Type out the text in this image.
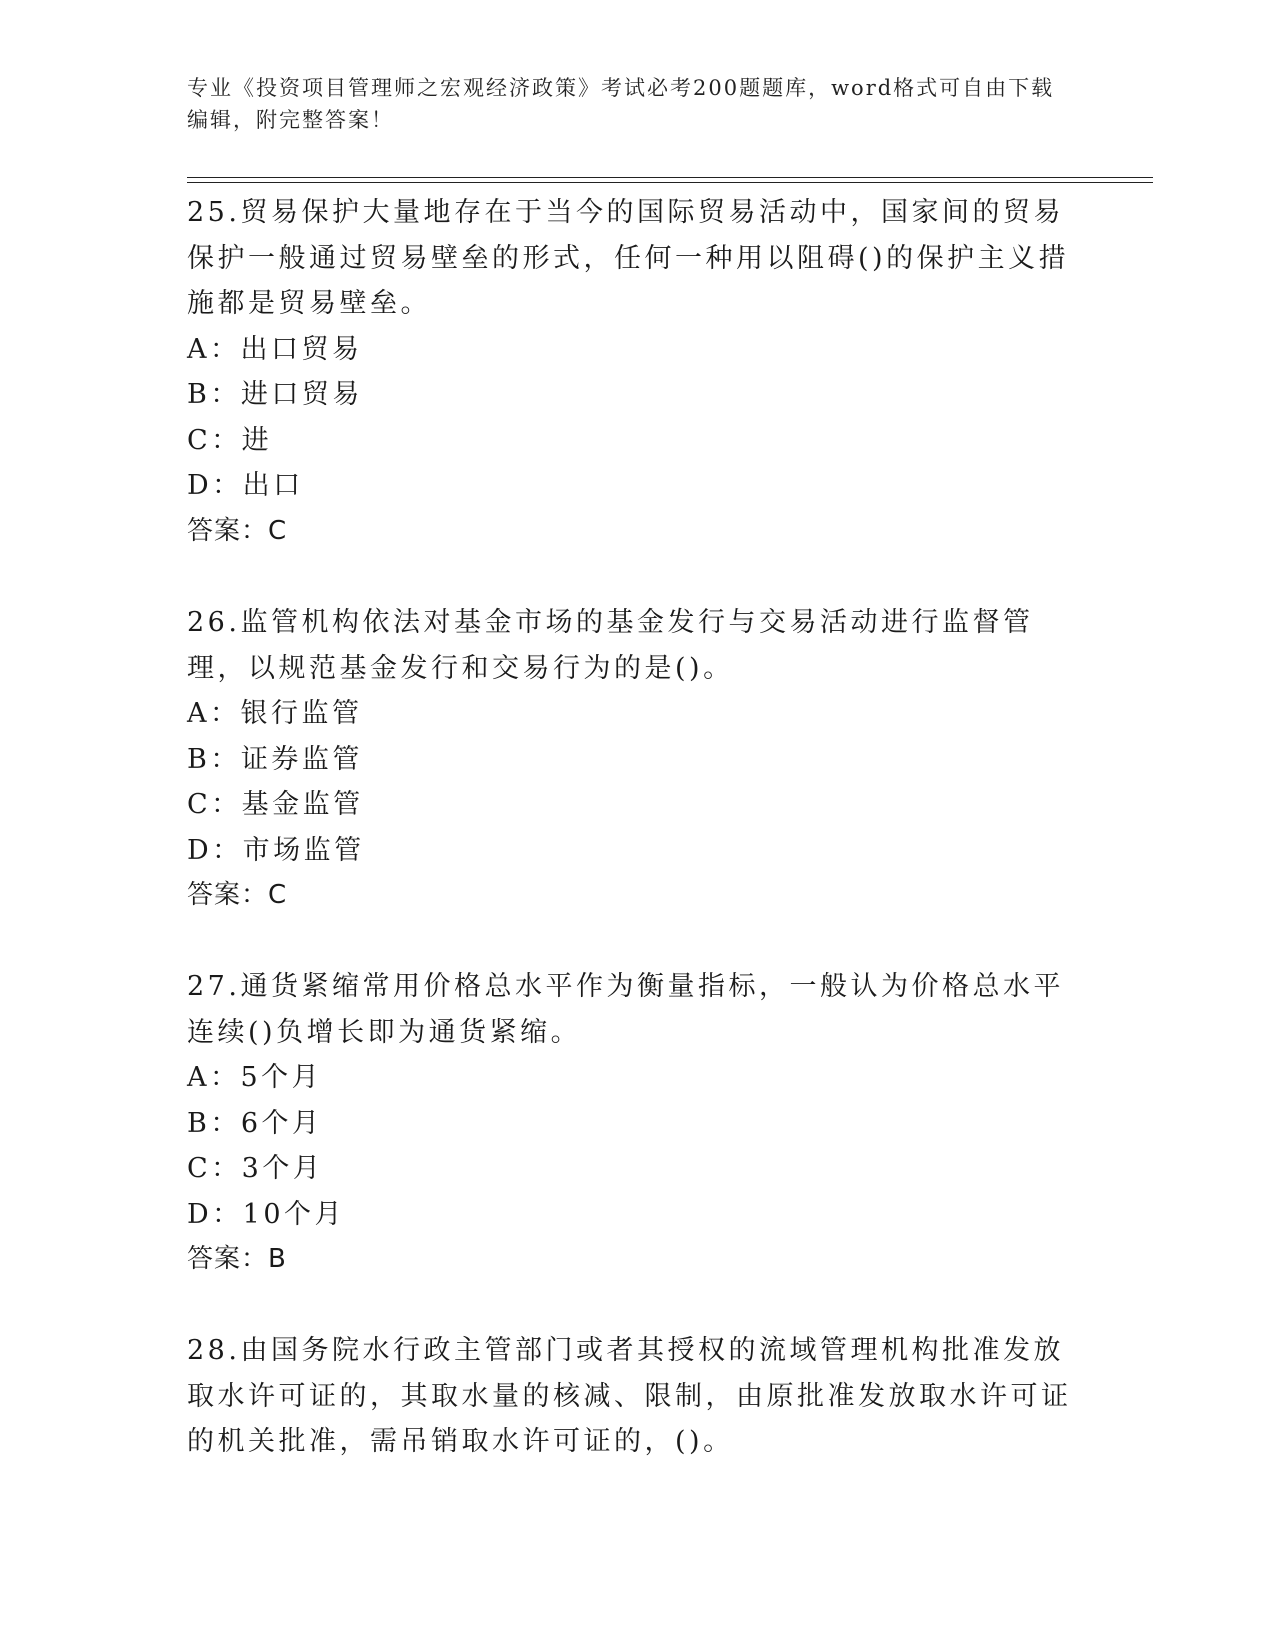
专业《投资项目管理师之宏观经济政策》考试必考200题题库，word格式可自由下载编辑，附完整答案！

25.贸易保护大量地存在于当今的国际贸易活动中，国家间的贸易保护一般通过贸易壁垒的形式，任何一种用以阻碍()的保护主义措施都是贸易壁垒。

A：出口贸易

B：进口贸易

C：进

D：出口

答案：C

26.监管机构依法对基金市场的基金发行与交易活动进行监督管理，以规范基金发行和交易行为的是()。

A：银行监管

B：证券监管

C：基金监管

D：市场监管

答案：C

27.通货紧缩常用价格总水平作为衡量指标，一般认为价格总水平连续()负增长即为通货紧缩。

A：5个月

B：6个月

C：3个月

D：10个月

答案：B

28.由国务院水行政主管部门或者其授权的流域管理机构批准发放取水许可证的，其取水量的核减、限制，由原批准发放取水许可证的机关批准，需吊销取水许可证的，()。
